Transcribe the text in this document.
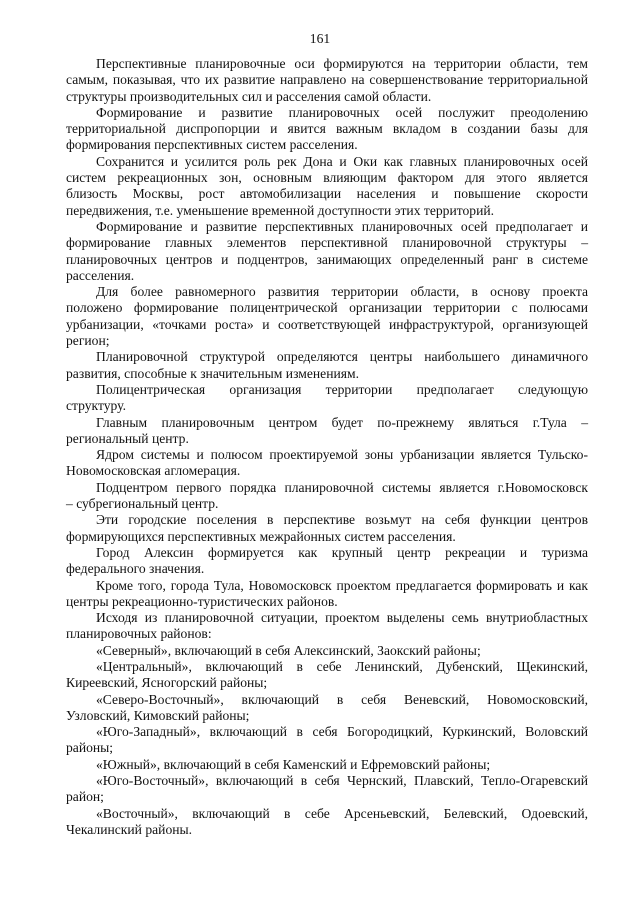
161
Перспективные планировочные оси формируются на территории области, тем
самым, показывая, что их развитие направлено на совершенствование территориальной
структуры производительных сил и расселения самой области.
Формирование и развитие планировочных осей послужит преодолению
территориальной диспропорции и явится важным вкладом в создании базы для
формирования перспективных систем расселения.
Сохранится и усилится роль рек Дона и Оки как главных планировочных осей
систем рекреационных зон, основным влияющим фактором для этого является
близость Москвы, рост автомобилизации населения и повышение скорости
передвижения, т.е. уменьшение временной доступности этих территорий.
Формирование и развитие перспективных планировочных осей предполагает и
формирование главных элементов перспективной планировочной структуры –
планировочных центров и подцентров, занимающих определенный ранг в системе
расселения.
Для более равномерного развития территории области, в основу проекта
положено формирование полицентрической организации территории с полюсами
урбанизации, «точками роста» и соответствующей инфраструктурой, организующей
регион;
Планировочной структурой определяются центры наибольшего динамичного
развития, способные к значительным изменениям.
Полицентрическая организация территории предполагает следующую
структуру.
Главным планировочным центром будет по-прежнему являться г.Тула –
региональный центр.
Ядром системы и полюсом проектируемой зоны урбанизации является Тульско-
Новомосковская агломерация.
Подцентром первого порядка планировочной системы является г.Новомосковск
– субрегиональный центр.
Эти городские поселения в перспективе возьмут на себя функции центров
формирующихся перспективных межрайонных систем расселения.
Город Алексин формируется как крупный центр рекреации и туризма
федерального значения.
Кроме того, города Тула, Новомосковск проектом предлагается формировать и как
центры рекреационно-туристических районов.
Исходя из планировочной ситуации, проектом выделены семь внутриобластных
планировочных районов:
«Северный», включающий в себя Алексинский, Заокский районы;
«Центральный», включающий в себе Ленинский, Дубенский, Щекинский,
Киреевский, Ясногорский районы;
«Северо-Восточный», включающий в себя Веневский, Новомосковский,
Узловский, Кимовский районы;
«Юго-Западный», включающий в себя Богородицкий, Куркинский, Воловский
районы;
«Южный», включающий в себя Каменский и Ефремовский районы;
«Юго-Восточный», включающий в себя Чернский, Плавский, Тепло-Огаревский
район;
«Восточный», включающий в себе Арсеньевский, Белевский, Одоевский,
Чекалинский районы.
